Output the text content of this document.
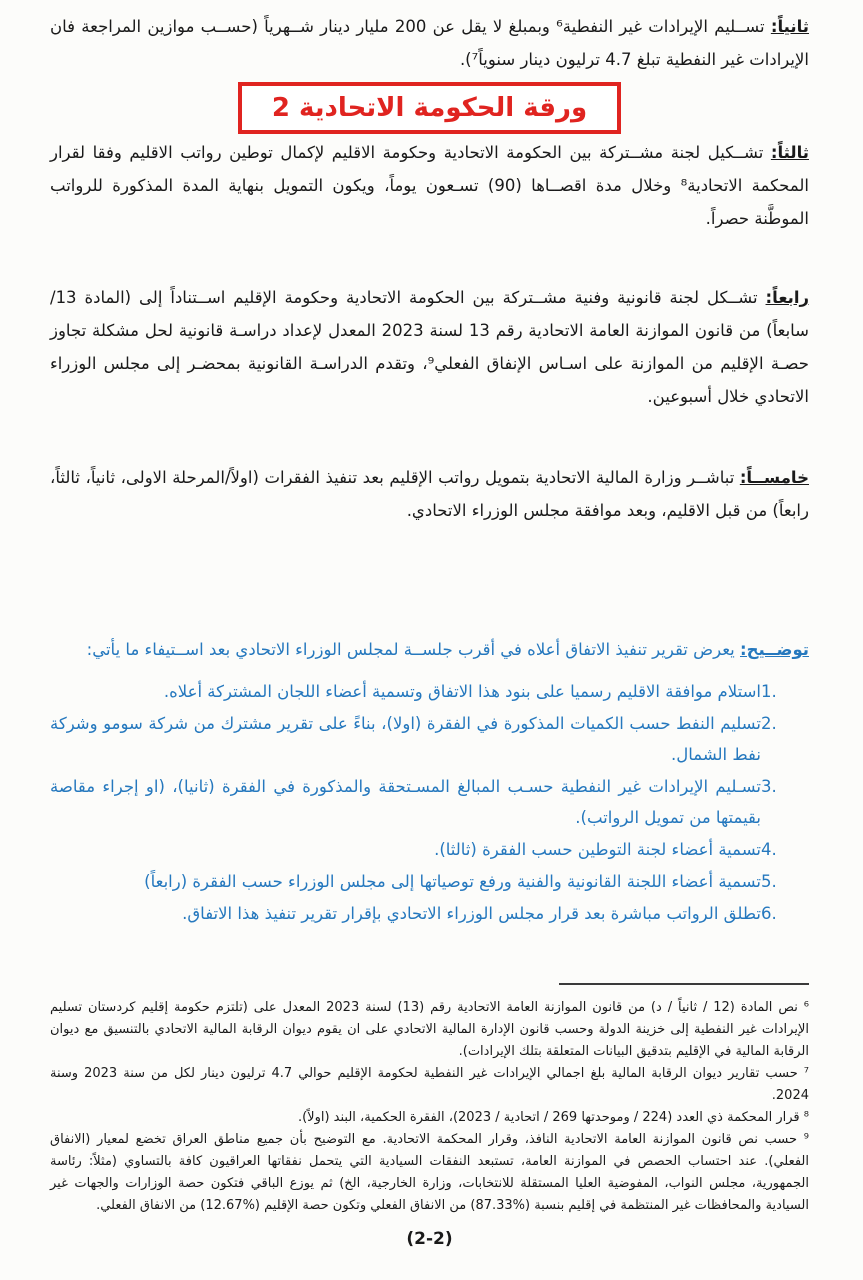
ثانياً: تســليم الإيرادات غير النفطية⁶ وبمبلغ لا يقل عن 200 مليار دينار شــهرياً (حســب موازين المراجعة فان الإيرادات غير النفطية تبلغ 4.7 ترليون دينار سنوياً⁷).

ورقة الحكومة الاتحادية 2

ثالثاً: تشــكيل لجنة مشــتركة بين الحكومة الاتحادية وحكومة الاقليم لإكمال توطين رواتب الاقليم وفقا لقرار المحكمة الاتحادية⁸ وخلال مدة اقصــاها (90) تسـعون يوماً، ويكون التمويل بنهاية المدة المذكورة للرواتب الموطَّنة حصراً.

رابعاً: تشــكل لجنة قانونية وفنية مشــتركة بين الحكومة الاتحادية وحكومة الإقليم اســتناداً إلى (المادة 13/سابعاً) من قانون الموازنة العامة الاتحادية رقم 13 لسنة 2023 المعدل لإعداد دراسـة قانونية لحل مشكلة تجاوز حصـة الإقليم من الموازنة على اسـاس الإنفاق الفعلي⁹، وتقدم الدراسـة القانونية بمحضـر إلى مجلس الوزراء الاتحادي خلال أسبوعين.

خامســاً: تباشــر وزارة المالية الاتحادية بتمويل رواتب الإقليم بعد تنفيذ الفقرات (اولاً/المرحلة الاولى، ثانياً، ثالثاً، رابعاً) من قبل الاقليم، وبعد موافقة مجلس الوزراء الاتحادي.

توضــيح: يعرض تقرير تنفيذ الاتفاق أعلاه في أقرب جلســة لمجلس الوزراء الاتحادي بعد اســتيفاء ما يأتي:

1.
استلام موافقة الاقليم رسميا على بنود هذا الاتفاق وتسمية أعضاء اللجان المشتركة أعلاه.
2.
تسليم النفط حسب الكميات المذكورة في الفقرة (اولا)، بناءً على تقرير مشترك من شركة سومو وشركة نفط الشمال.
3.
تسـليم الإيرادات غير النفطية حسـب المبالغ المسـتحقة والمذكورة في الفقرة (ثانيا)، (او إجراء مقاصة بقيمتها من تمويل الرواتب).
4.
تسمية أعضاء لجنة التوطين حسب الفقرة (ثالثا).
5.
تسمية أعضاء اللجنة القانونية والفنية ورفع توصياتها إلى مجلس الوزراء حسب الفقرة (رابعاً)
6.
تطلق الرواتب مباشرة بعد قرار مجلس الوزراء الاتحادي بإقرار تقرير تنفيذ هذا الاتفاق.

⁶ نص المادة (12 / ثانياً / د) من قانون الموازنة العامة الاتحادية رقم (13) لسنة 2023 المعدل على (تلتزم حكومة إقليم كردستان تسليم الإيرادات غير النفطية إلى خزينة الدولة وحسب قانون الإدارة المالية الاتحادي على ان يقوم ديوان الرقابة المالية الاتحادي بالتنسيق مع ديوان الرقابة المالية في الإقليم بتدقيق البيانات المتعلقة بتلك الإيرادات).

⁷ حسب تقارير ديوان الرقابة المالية بلغ اجمالي الإيرادات غير النفطية لحكومة الإقليم حوالي 4.7 ترليون دينار لكل من سنة 2023 وسنة 2024.

⁸ قرار المحكمة ذي العدد (224 / وموحدتها 269 / اتحادية / 2023)، الفقرة الحكمية، البند (اولاً).

⁹ حسب نص قانون الموازنة العامة الاتحادية النافذ، وقرار المحكمة الاتحادية. مع التوضيح بأن جميع مناطق العراق تخضع لمعيار (الانفاق الفعلي). عند احتساب الحصص في الموازنة العامة، تستبعد النفقات السيادية التي يتحمل نفقاتها العراقيون كافة بالتساوي (مثلاً: رئاسة الجمهورية، مجلس النواب، المفوضية العليا المستقلة للانتخابات، وزارة الخارجية، الخ) ثم يوزع الباقي فتكون حصة الوزارات والجهات غير السيادية والمحافظات غير المنتظمة في إقليم بنسبة (%87.33) من الانفاق الفعلي وتكون حصة الإقليم (%12.67) من الانفاق الفعلي.

(2-2)
